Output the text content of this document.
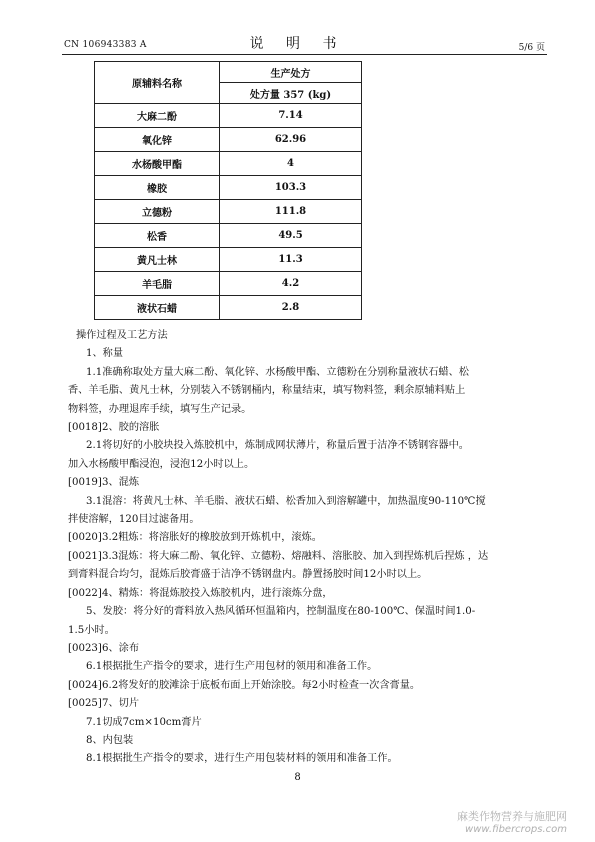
CN 106943383 A	说 明 书	5/6 页
原辅料名称	生产处方
	处方量 357 (kg)
大麻二酚	7.14
氧化锌	62.96
水杨酸甲酯	4
橡胶	103.3
立德粉	111.8
松香	49.5
黄凡士林	11.3
羊毛脂	4.2
液状石蜡	2.8

操作过程及工艺方法

1、称量

1.1准确称取处方量大麻二酚、氧化锌、水杨酸甲酯、立德粉在分别称量液状石蜡、松

香、羊毛脂、黄凡士林，分别装入不锈钢桶内，称量结束，填写物料签，剩余原辅料贴上

物料签，办理退库手续，填写生产记录。

[0018]2、胶的溶胀

2.1将切好的小胶块投入炼胶机中，炼制成网状薄片，称量后置于洁净不锈钢容器中。

加入水杨酸甲酯浸泡，浸泡12小时以上。

[0019]3、混炼

3.1混溶：将黄凡士林、羊毛脂、液状石蜡、松香加入到溶解罐中，加热温度90-110℃搅

拌使溶解，120目过滤备用。

[0020]3.2粗炼：将溶胀好的橡胶放到开炼机中，滚炼。

[0021]3.3混炼：将大麻二酚、氧化锌、立德粉、熔融料、溶胀胶、加入到捏炼机后捏炼 ，达

到膏料混合均匀，混炼后胶膏盛于洁净不锈钢盘内。静置扬胶时间12小时以上。

[0022]4、精炼：将混炼胶投入炼胶机内，进行滚炼分盘，

5、发胶：将分好的膏料放入热风循环恒温箱内，控制温度在80-100℃、保温时间1.0-

1.5小时。

[0023]6、涂布

6.1根据批生产指令的要求，进行生产用包材的领用和准备工作。

[0024]6.2将发好的胶滩涂于底板布面上开始涂胶。每2小时检查一次含膏量。

[0025]7、切片

7.1切成7cm×10cm膏片

8、内包装

8.1根据批生产指令的要求，进行生产用包装材料的领用和准备工作。

8
麻类作物营养与施肥网
www.fibercrops.com
